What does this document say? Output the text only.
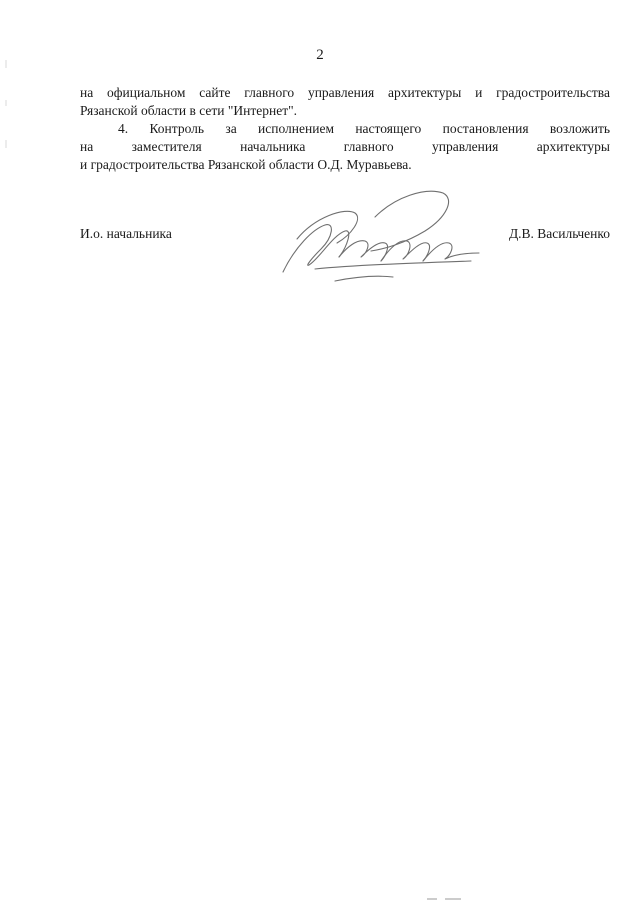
2

на официальном сайте главного управления архитектуры и градостроительства
Рязанской области в сети "Интернет".

4. Контроль за исполнением настоящего постановления возложить
на заместителя начальника главного управления архитектуры
и градостроительства Рязанской области О.Д. Муравьева.

И.о. начальника	Д.В. Васильченко
